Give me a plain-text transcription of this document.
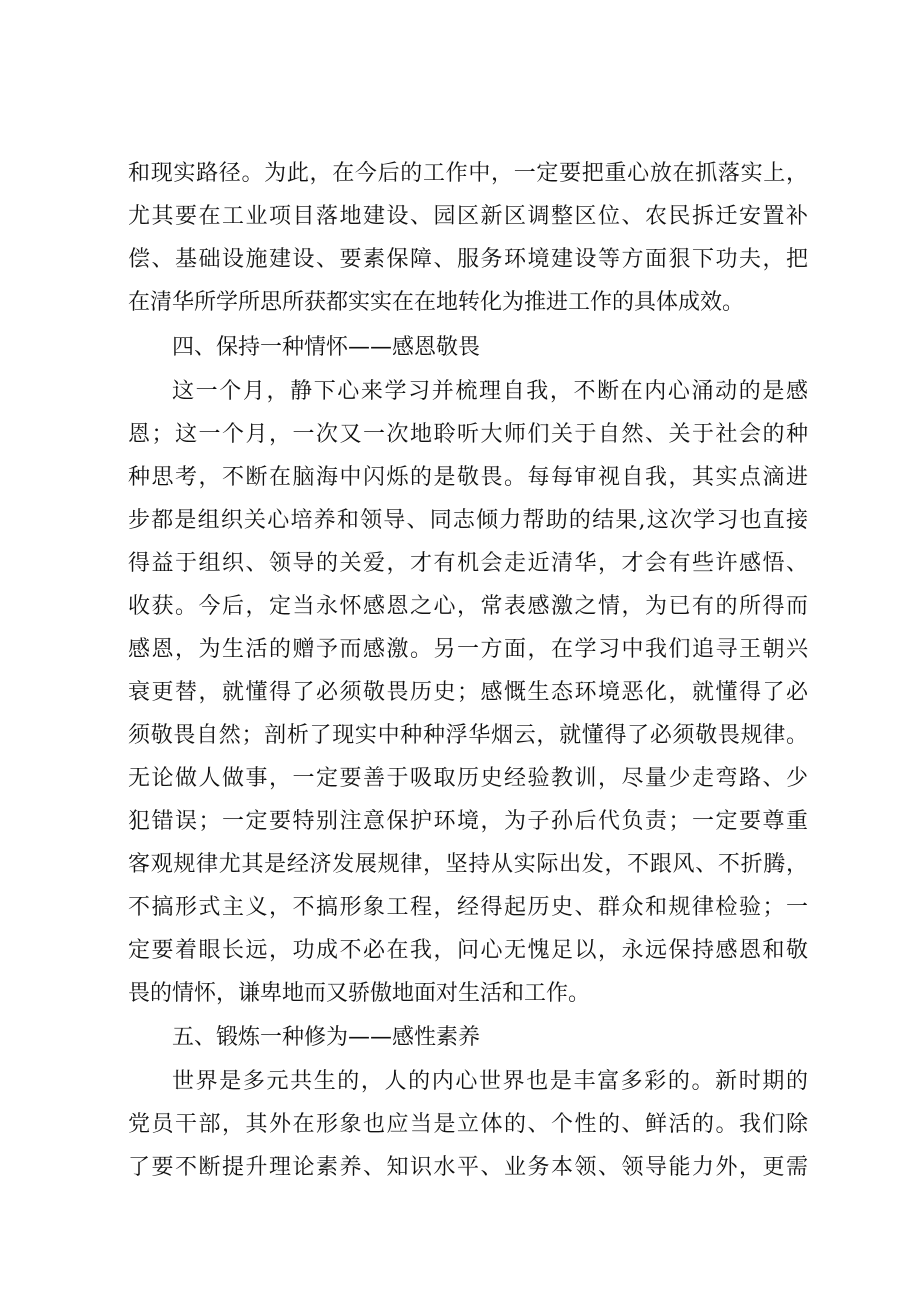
和现实路径。为此，在今后的工作中，一定要把重心放在抓落实上，
尤其要在工业项目落地建设、园区新区调整区位、农民拆迁安置补
偿、基础设施建设、要素保障、服务环境建设等方面狠下功夫，把
在清华所学所思所获都实实在在地转化为推进工作的具体成效。
四、保持一种情怀——感恩敬畏
这一个月，静下心来学习并梳理自我，不断在内心涌动的是感
恩；这一个月，一次又一次地聆听大师们关于自然、关于社会的种
种思考，不断在脑海中闪烁的是敬畏。每每审视自我，其实点滴进
步都是组织关心培养和领导、同志倾力帮助的结果,这次学习也直接
得益于组织、领导的关爱，才有机会走近清华，才会有些许感悟、
收获。今后，定当永怀感恩之心，常表感激之情，为已有的所得而
感恩，为生活的赠予而感激。另一方面，在学习中我们追寻王朝兴
衰更替，就懂得了必须敬畏历史；感慨生态环境恶化，就懂得了必
须敬畏自然；剖析了现实中种种浮华烟云，就懂得了必须敬畏规律。
无论做人做事，一定要善于吸取历史经验教训，尽量少走弯路、少
犯错误；一定要特别注意保护环境，为子孙后代负责；一定要尊重
客观规律尤其是经济发展规律，坚持从实际出发，不跟风、不折腾，
不搞形式主义，不搞形象工程，经得起历史、群众和规律检验；一
定要着眼长远，功成不必在我，问心无愧足以，永远保持感恩和敬
畏的情怀，谦卑地而又骄傲地面对生活和工作。
五、锻炼一种修为——感性素养
世界是多元共生的，人的内心世界也是丰富多彩的。新时期的
党员干部，其外在形象也应当是立体的、个性的、鲜活的。我们除
了要不断提升理论素养、知识水平、业务本领、领导能力外，更需
